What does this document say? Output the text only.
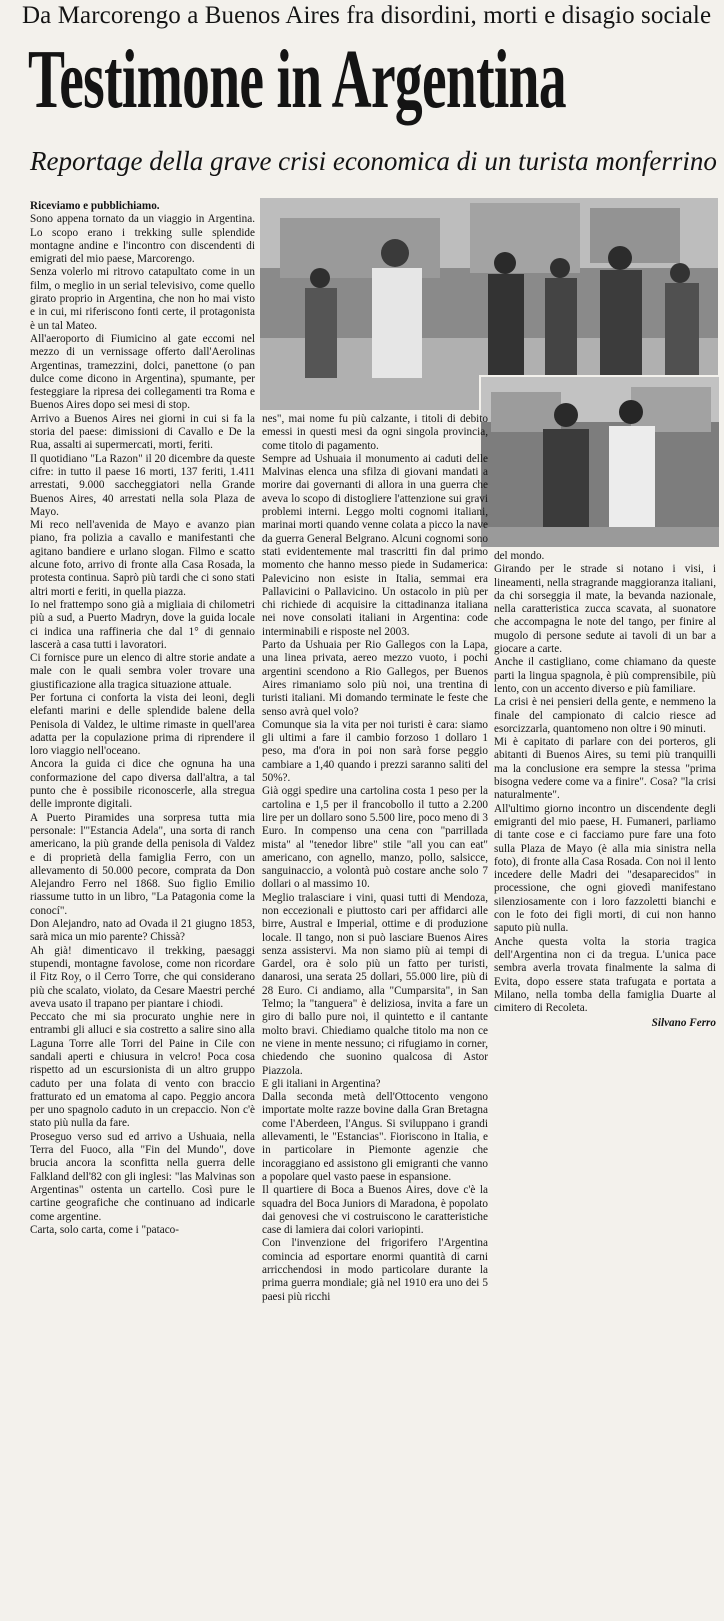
Da Marcorengo a Buenos Aires fra disordini, morti e disagio sociale
Testimone in Argentina
Reportage della grave crisi economica di un turista monferrino

Riceviamo e pubblichiamo.

Sono appena tornato da un viaggio in Argentina. Lo scopo erano i trekking sulle splendide montagne andine e l'incontro con discendenti di emigrati del mio paese, Marcorengo.

Senza volerlo mi ritrovo catapultato come in un film, o meglio in un serial televisivo, come quello girato proprio in Argentina, che non ho mai visto e in cui, mi riferiscono fonti certe, il protagonista è un tal Mateo.

All'aeroporto di Fiumicino al gate eccomi nel mezzo di un vernissage offerto dall'Aerolinas Argentinas, tramezzini, dolci, panettone (o pan dulce come dicono in Argentina), spumante, per festeggiare la ripresa dei collegamenti tra Roma e Buenos Aires dopo sei mesi di stop.

Arrivo a Buenos Aires nei giorni in cui si fa la storia del paese: dimissioni di Cavallo e De la Rua, assalti ai supermercati, morti, feriti.

Il quotidiano "La Razon" il 20 dicembre da queste cifre: in tutto il paese 16 morti, 137 feriti, 1.411 arrestati, 9.000 saccheggiatori nella Grande Buenos Aires, 40 arrestati nella sola Plaza de Mayo.

Mi reco nell'avenida de Mayo e avanzo pian piano, fra polizia a cavallo e manifestanti che agitano bandiere e urlano slogan. Filmo e scatto alcune foto, arrivo di fronte alla Casa Rosada, la protesta continua. Saprò più tardi che ci sono stati altri morti e feriti, in quella piazza.

Io nel frattempo sono già a migliaia di chilometri più a sud, a Puerto Madryn, dove la guida locale ci indica una raffineria che dal 1° di gennaio lascerà a casa tutti i lavoratori.

Ci fornisce pure un elenco di altre storie andate a male con le quali sembra voler trovare una giustificazione alla tragica situazione attuale.

Per fortuna ci conforta la vista dei leoni, degli elefanti marini e delle splendide balene della Penisola di Valdez, le ultime rimaste in quell'area adatta per la copulazione prima di riprendere il loro viaggio nell'oceano.

Ancora la guida ci dice che ognuna ha una conformazione del capo diversa dall'altra, a tal punto che è possibile riconoscerle, alla stregua delle impronte digitali.

A Puerto Piramides una sorpresa tutta mia personale: l'"Estancia Adela", una sorta di ranch americano, la più grande della penisola di Valdez e di proprietà della famiglia Ferro, con un allevamento di 50.000 pecore, comprata da Don Alejandro Ferro nel 1868. Suo figlio Emilio riassume tutto in un libro, "La Patagonia come la conocí".

Don Alejandro, nato ad Ovada il 21 giugno 1853, sarà mica un mio parente? Chissà?

Ah già! dimenticavo il trekking, paesaggi stupendi, montagne favolose, come non ricordare il Fitz Roy, o il Cerro Torre, che qui considerano più che scalato, violato, da Cesare Maestri perché aveva usato il trapano per piantare i chiodi.

Peccato che mi sia procurato unghie nere in entrambi gli alluci e sia costretto a salire sino alla Laguna Torre alle Torri del Paine in Cile con sandali aperti e chiusura in velcro! Poca cosa rispetto ad un escursionista di un altro gruppo caduto per una folata di vento con braccio fratturato ed un ematoma al capo. Peggio ancora per uno spagnolo caduto in un crepaccio. Non c'è stato più nulla da fare.

Proseguo verso sud ed arrivo a Ushuaia, nella Terra del Fuoco, alla "Fin del Mundo", dove brucia ancora la sconfitta nella guerra delle Falkland dell'82 con gli inglesi: "las Malvinas son Argentinas" ostenta un cartello. Così pure le cartine geografiche che continuano ad indicarle come argentine.

Carta, solo carta, come i "pataco-

nes", mai nome fu più calzante, i titoli di debito emessi in questi mesi da ogni singola provincia, come titolo di pagamento.

Sempre ad Ushuaia il monumento ai caduti delle Malvinas elenca una sfilza di giovani mandati a morire dai governanti di allora in una guerra che aveva lo scopo di distogliere l'attenzione sui gravi problemi interni. Leggo molti cognomi italiani, marinai morti quando venne colata a picco la nave da guerra General Belgrano. Alcuni cognomi sono stati evidentemente mal trascritti fin dal primo momento che hanno messo piede in Sudamerica: Palevicino non esiste in Italia, semmai era Pallavicini o Pallavicino. Un ostacolo in più per chi richiede di acquisire la cittadinanza italiana nei nove consolati italiani in Argentina: code interminabili e risposte nel 2003.

Parto da Ushuaia per Rio Gallegos con la Lapa, una linea privata, aereo mezzo vuoto, i pochi argentini scendono a Rio Gallegos, per Buenos Aires rimaniamo solo più noi, una trentina di turisti italiani. Mi domando terminate le feste che senso avrà quel volo?

Comunque sia la vita per noi turisti è cara: siamo gli ultimi a fare il cambio forzoso 1 dollaro 1 peso, ma d'ora in poi non sarà forse peggio cambiare a 1,40 quando i prezzi saranno saliti del 50%?.

Già oggi spedire una cartolina costa 1 peso per la cartolina e 1,5 per il francobollo il tutto a 2.200 lire per un dollaro sono 5.500 lire, poco meno di 3 Euro. In compenso una cena con "parrillada mista" al "tenedor libre" stile "all you can eat" americano, con agnello, manzo, pollo, salsicce, sanguinaccio, a volontà può costare anche solo 7 dollari o al massimo 10.

Meglio tralasciare i vini, quasi tutti di Mendoza, non eccezionali e piuttosto cari per affidarci alle birre, Austral e Imperial, ottime e di produzione locale. Il tango, non si può lasciare Buenos Aires senza assistervi. Ma non siamo più ai tempi di Gardel, ora è solo più un fatto per turisti, danarosi, una serata 25 dollari, 55.000 lire, più di 28 Euro. Ci andiamo, alla "Cumparsita", in San Telmo; la "tanguera" è deliziosa, invita a fare un giro di ballo pure noi, il quintetto e il cantante molto bravi. Chiediamo qualche titolo ma non ce ne viene in mente nessuno; ci rifugiamo in corner, chiedendo che suonino qualcosa di Astor Piazzola.

E gli italiani in Argentina?

Dalla seconda metà dell'Ottocento vengono importate molte razze bovine dalla Gran Bretagna come l'Aberdeen, l'Angus. Si sviluppano i grandi allevamenti, le "Estancias". Fioriscono in Italia, e in particolare in Piemonte agenzie che incoraggiano ed assistono gli emigranti che vanno a popolare quel vasto paese in espansione.

Il quartiere di Boca a Buenos Aires, dove c'è la squadra del Boca Juniors di Maradona, è popolato dai genovesi che vi costruiscono le caratteristiche case di lamiera dai colori variopinti.

Con l'invenzione del frigorifero l'Argentina comincia ad esportare enormi quantità di carni arricchendosi in modo particolare durante la prima guerra mondiale; già nel 1910 era uno dei 5 paesi più ricchi

del mondo.

Girando per le strade si notano i visi, i lineamenti, nella stragrande maggioranza italiani, da chi sorseggia il mate, la bevanda nazionale, nella caratteristica zucca scavata, al suonatore che accompagna le note del tango, per finire al mugolo di persone sedute ai tavoli di un bar a giocare a carte.

Anche il castigliano, come chiamano da queste parti la lingua spagnola, è più comprensibile, più lento, con un accento diverso e più familiare.

La crisi è nei pensieri della gente, e nemmeno la finale del campionato di calcio riesce ad esorcizzarla, quantomeno non oltre i 90 minuti.

Mi è capitato di parlare con dei porteros, gli abitanti di Buenos Aires, su temi più tranquilli ma la conclusione era sempre la stessa "prima bisogna vedere come va a finire". Cosa? "la crisi naturalmente".

All'ultimo giorno incontro un discendente degli emigranti del mio paese, H. Fumaneri, parliamo di tante cose e ci facciamo pure fare una foto sulla Plaza de Mayo (è alla mia sinistra nella foto), di fronte alla Casa Rosada. Con noi il lento incedere delle Madri dei "desaparecidos" in processione, che ogni giovedì manifestano silenziosamente con i loro fazzoletti bianchi e con le foto dei figli morti, di cui non hanno saputo più nulla.

Anche questa volta la storia tragica dell'Argentina non ci da tregua. L'unica pace sembra averla trovata finalmente la salma di Evita, dopo essere stata trafugata e portata a Milano, nella tomba della famiglia Duarte al cimitero di Recoleta.

Silvano Ferro
